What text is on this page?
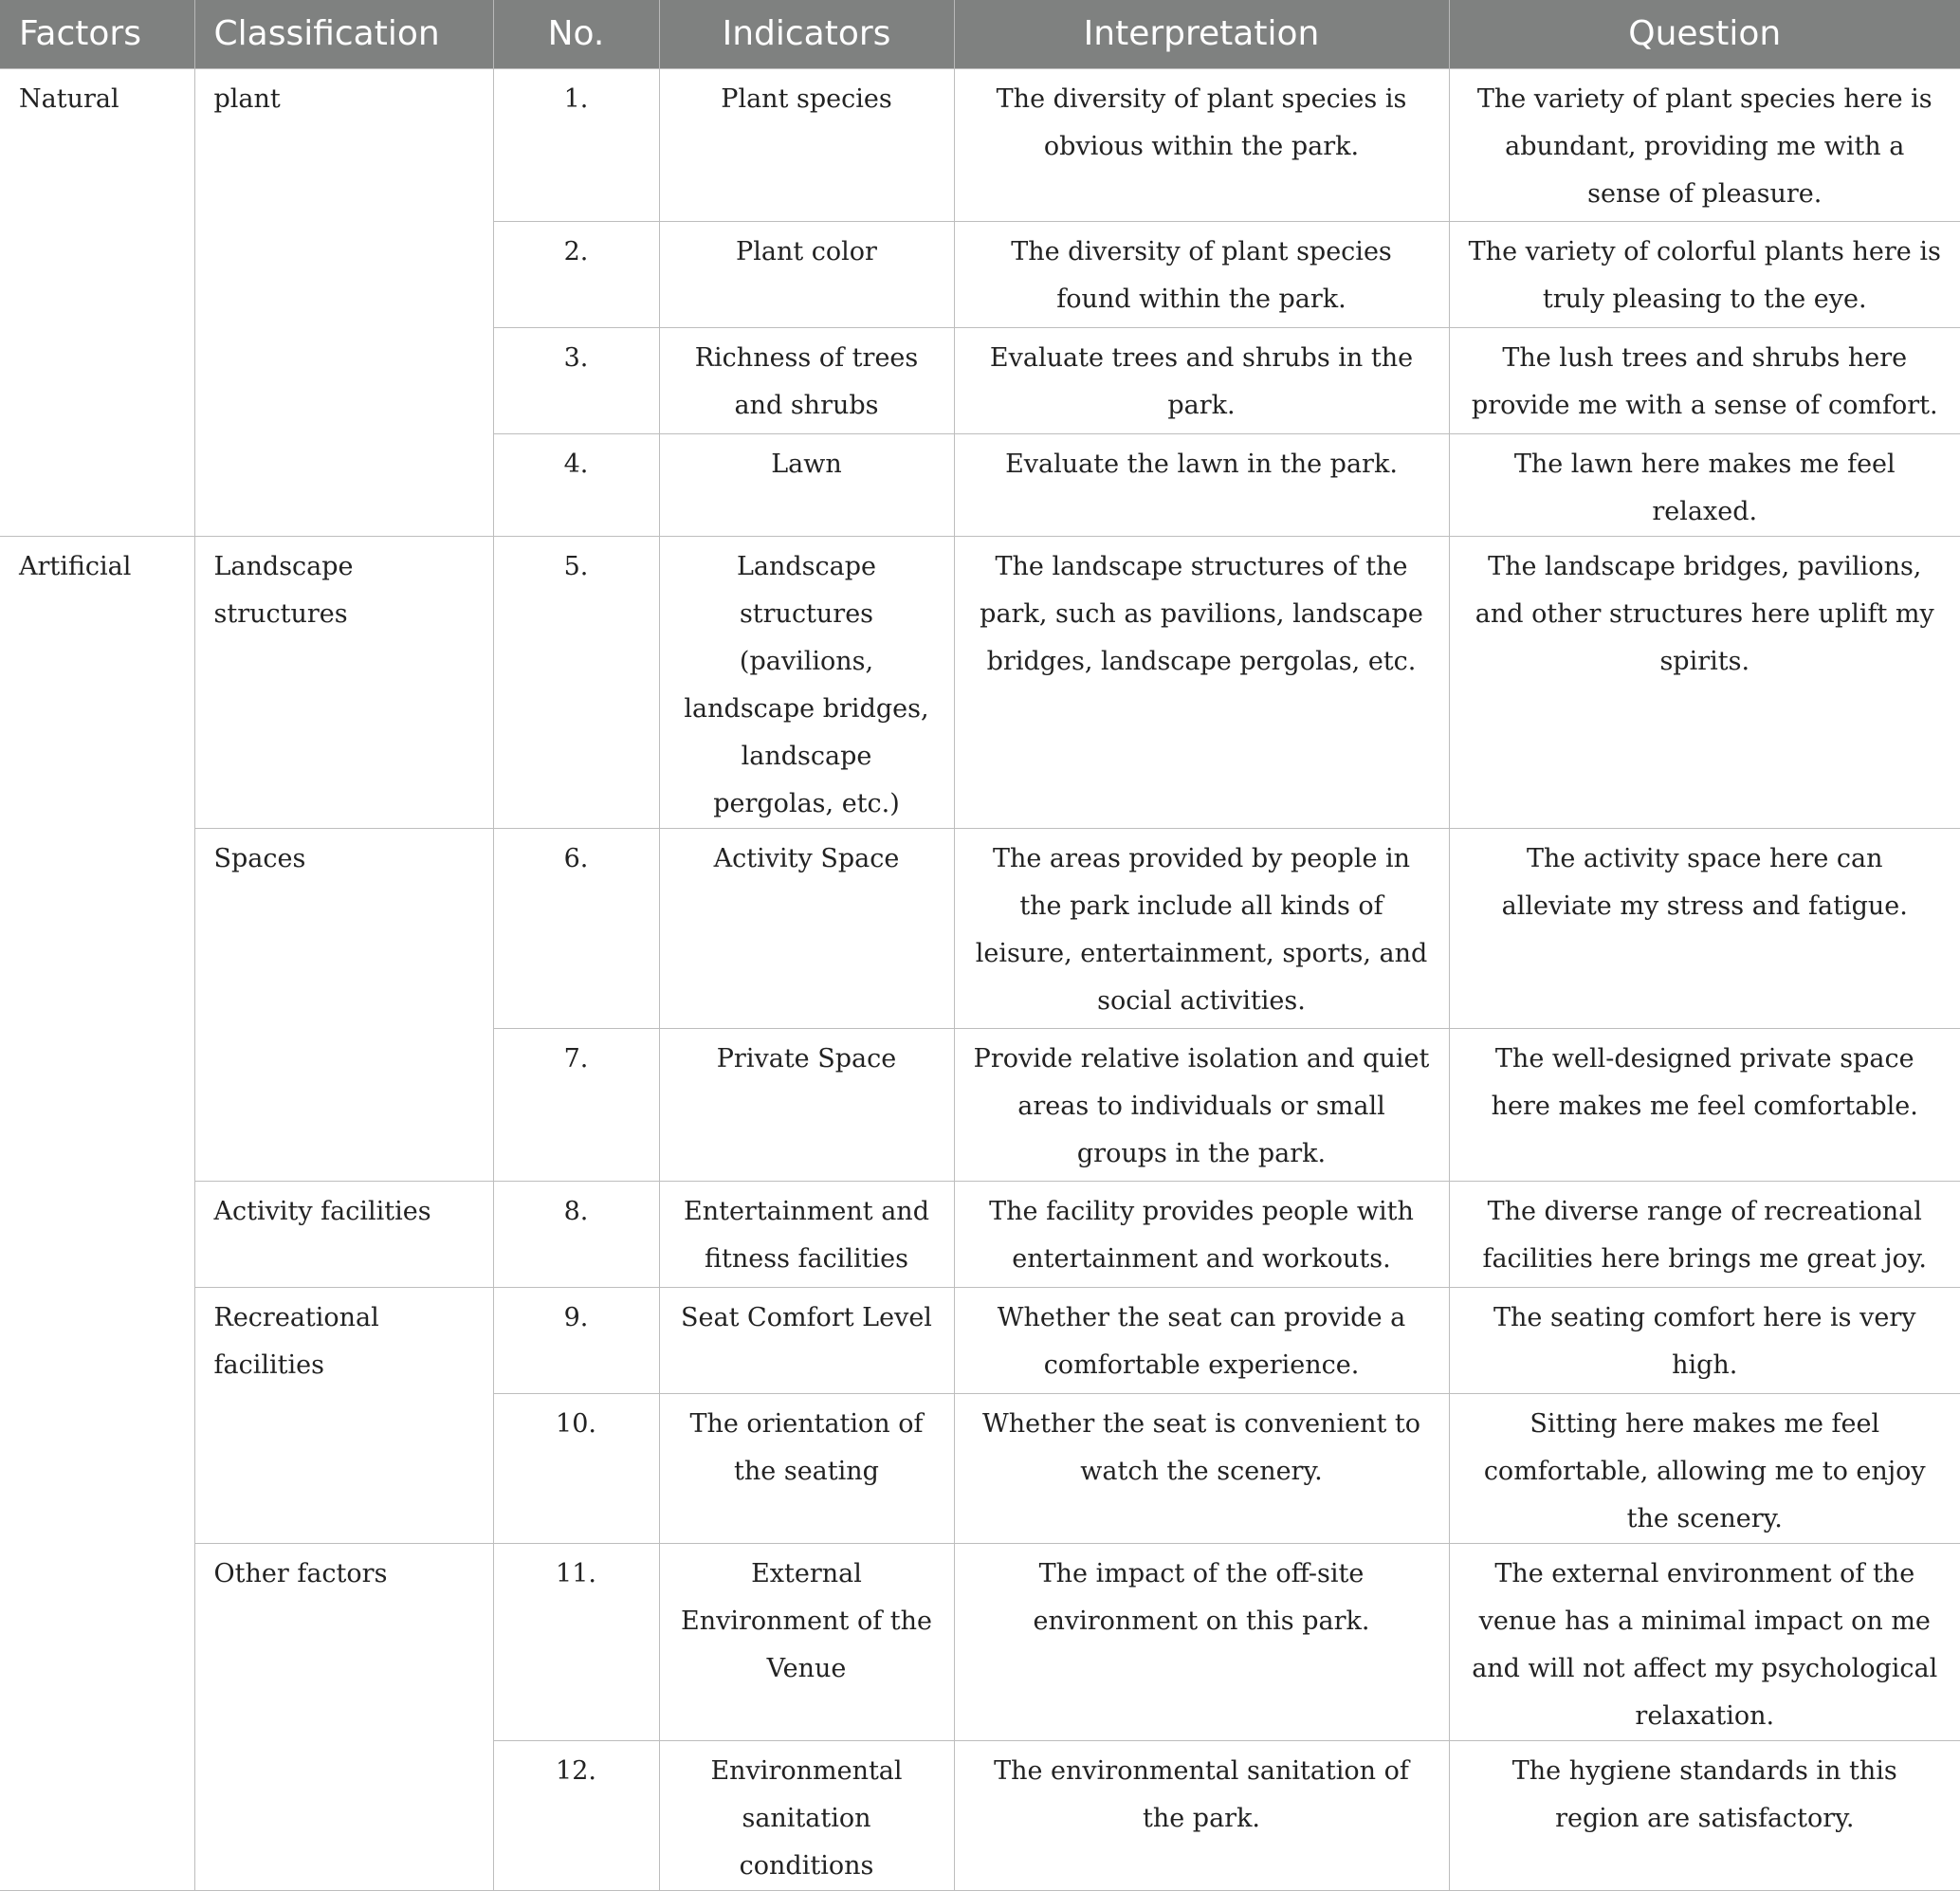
Factors	Classification	No.	Indicators	Interpretation	Question
Natural	plant	1.	Plant species	The diversity of plant species is obvious within the park.	The variety of plant species here is abundant, providing me with a sense of pleasure.
		2.	Plant color	The diversity of plant species found within the park.	The variety of colorful plants here is truly pleasing to the eye.
		3.	Richness of trees and shrubs	Evaluate trees and shrubs in the park.	The lush trees and shrubs here provide me with a sense of comfort.
		4.	Lawn	Evaluate the lawn in the park.	The lawn here makes me feel relaxed.
Artificial	Landscape structures	5.	Landscape structures (pavilions, landscape bridges, landscape pergolas, etc.)	The landscape structures of the park, such as pavilions, landscape bridges, landscape pergolas, etc.	The landscape bridges, pavilions, and other structures here uplift my spirits.
	Spaces	6.	Activity Space	The areas provided by people in the park include all kinds of leisure, entertainment, sports, and social activities.	The activity space here can alleviate my stress and fatigue.
		7.	Private Space	Provide relative isolation and quiet areas to individuals or small groups in the park.	The well-designed private space here makes me feel comfortable.
	Activity facilities	8.	Entertainment and fitness facilities	The facility provides people with entertainment and workouts.	The diverse range of recreational facilities here brings me great joy.
	Recreational facilities	9.	Seat Comfort Level	Whether the seat can provide a comfortable experience.	The seating comfort here is very high.
		10.	The orientation of the seating	Whether the seat is convenient to watch the scenery.	Sitting here makes me feel comfortable, allowing me to enjoy the scenery.
	Other factors	11.	External Environment of the Venue	The impact of the off-site environment on this park.	The external environment of the venue has a minimal impact on me and will not affect my psychological relaxation.
		12.	Environmental sanitation conditions	The environmental sanitation of the park.	The hygiene standards in this region are satisfactory.
